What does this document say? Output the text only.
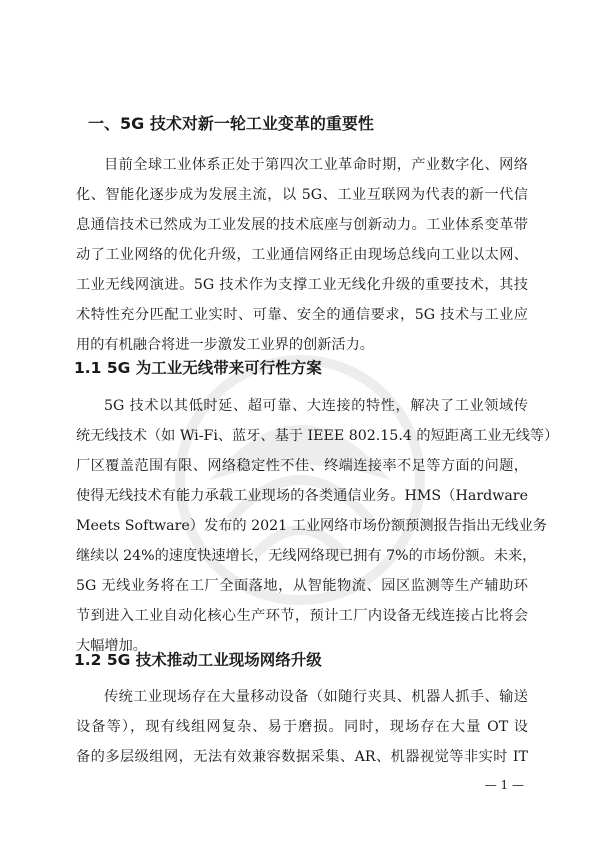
一、5G 技术对新一轮工业变革的重要性
目前全球工业体系正处于第四次工业革命时期，产业数字化、网络
化、智能化逐步成为发展主流，以 5G、工业互联网为代表的新一代信
息通信技术已然成为工业发展的技术底座与创新动力。工业体系变革带
动了工业网络的优化升级，工业通信网络正由现场总线向工业以太网、
工业无线网演进。5G 技术作为支撑工业无线化升级的重要技术，其技
术特性充分匹配工业实时、可靠、安全的通信要求，5G 技术与工业应
用的有机融合将进一步激发工业界的创新活力。
1.1 5G 为工业无线带来可行性方案
5G 技术以其低时延、超可靠、大连接的特性，解决了工业领域传
统无线技术（如 Wi-Fi、蓝牙、基于 IEEE 802.15.4 的短距离工业无线等）
厂区覆盖范围有限、网络稳定性不佳、终端连接率不足等方面的问题，
使得无线技术有能力承载工业现场的各类通信业务。HMS（Hardware
Meets Software）发布的 2021 工业网络市场份额预测报告指出无线业务
继续以 24%的速度快速增长，无线网络现已拥有 7%的市场份额。未来，
5G 无线业务将在工厂全面落地，从智能物流、园区监测等生产辅助环
节到进入工业自动化核心生产环节，预计工厂内设备无线连接占比将会
大幅增加。
1.2 5G 技术推动工业现场网络升级
传统工业现场存在大量移动设备（如随行夹具、机器人抓手、输送
设备等），现有线组网复杂、易于磨损。同时，现场存在大量 OT 设
备的多层级组网，无法有效兼容数据采集、AR、机器视觉等非实时 IT
— 1 —
